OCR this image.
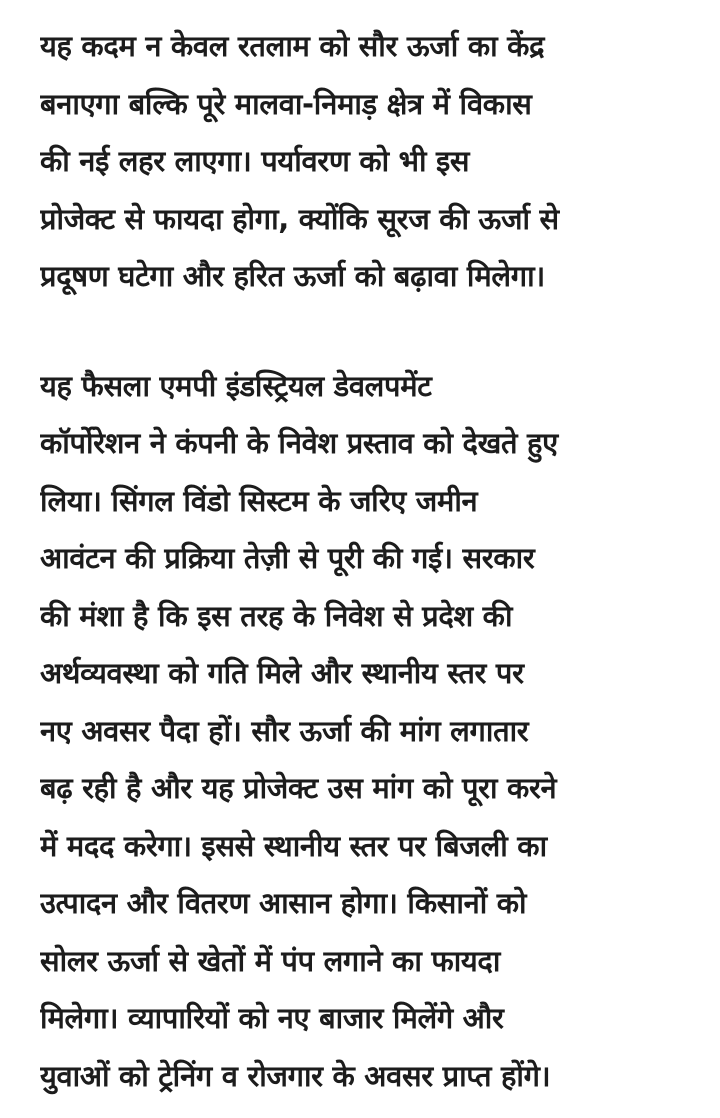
यह कदम न केवल रतलाम को सौर ऊर्जा का केंद्र
बनाएगा बल्कि पूरे मालवा-निमाड़ क्षेत्र में विकास
की नई लहर लाएगा। पर्यावरण को भी इस
प्रोजेक्ट से फायदा होगा, क्योंकि सूरज की ऊर्जा से
प्रदूषण घटेगा और हरित ऊर्जा को बढ़ावा मिलेगा।

यह फैसला एमपी इंडस्ट्रियल डेवलपमेंट
कॉर्पोरेशन ने कंपनी के निवेश प्रस्ताव को देखते हुए
लिया। सिंगल विंडो सिस्टम के जरिए जमीन
आवंटन की प्रक्रिया तेज़ी से पूरी की गई। सरकार
की मंशा है कि इस तरह के निवेश से प्रदेश की
अर्थव्यवस्था को गति मिले और स्थानीय स्तर पर
नए अवसर पैदा हों। सौर ऊर्जा की मांग लगातार
बढ़ रही है और यह प्रोजेक्ट उस मांग को पूरा करने
में मदद करेगा। इससे स्थानीय स्तर पर बिजली का
उत्पादन और वितरण आसान होगा। किसानों को
सोलर ऊर्जा से खेतों में पंप लगाने का फायदा
मिलेगा। व्यापारियों को नए बाजार मिलेंगे और
युवाओं को ट्रेनिंग व रोजगार के अवसर प्राप्त होंगे।
